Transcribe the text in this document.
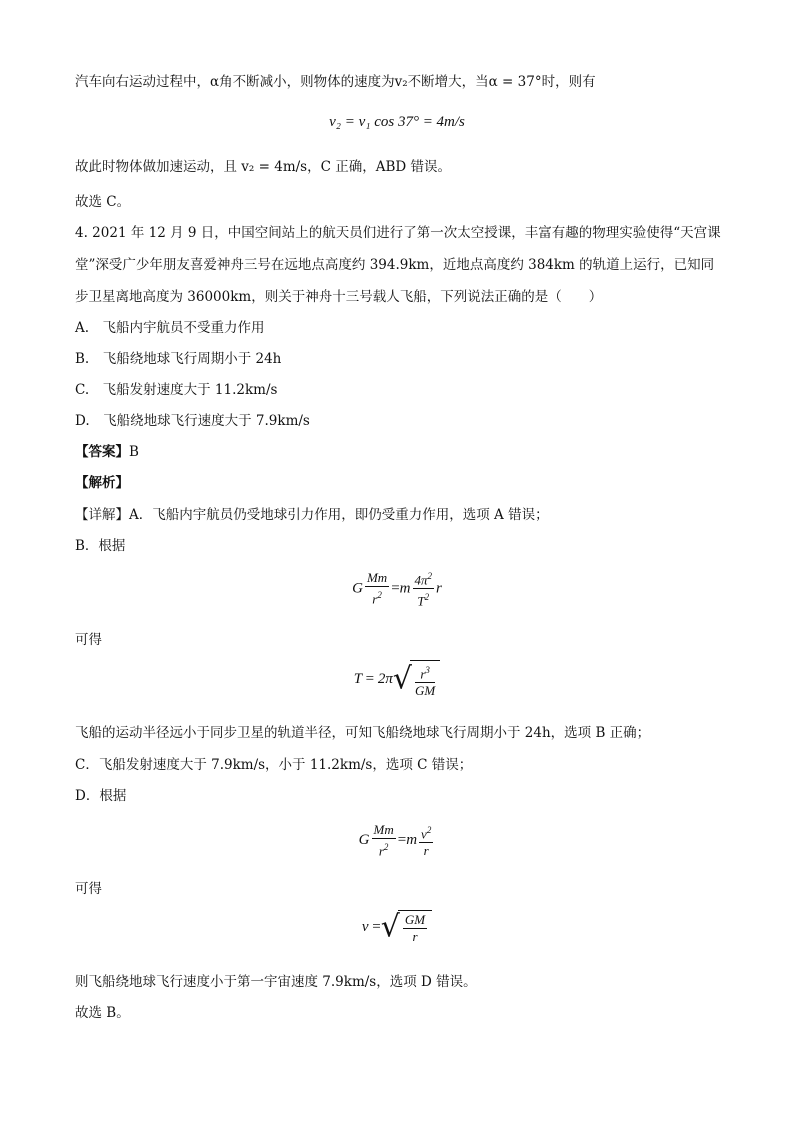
汽车向右运动过程中，α角不断减小，则物体的速度为v₂不断增大，当α = 37°时，则有
v₂ = v₁ cos 37° = 4m/s
故此时物体做加速运动，且 v₂ = 4m/s，C 正确，ABD 错误。
故选 C。
4. 2021 年 12 月 9 日，中国空间站上的航天员们进行了第一次太空授课，丰富有趣的物理实验使得“天宫课
堂”深受广少年朋友喜爱神舟三号在远地点高度约 394.9km，近地点高度约 384km 的轨道上运行，已知同
步卫星离地高度为 36000km，则关于神舟十三号载人飞船，下列说法正确的是（　　）
A.　飞船内宇航员不受重力作用
B.　飞船绕地球飞行周期小于 24h
C.　飞船发射速度大于 11.2km/s
D.　飞船绕地球飞行速度大于 7.9km/s
【答案】B
【解析】
【详解】A．飞船内宇航员仍受地球引力作用，即仍受重力作用，选项 A 错误；
B．根据
G $\frac{Mm}{r^2} =m \frac{4\pi^2}{T^2}$ r
可得
$T = 2\pi√ \frac{r^3}{GM}$
飞船的运动半径远小于同步卫星的轨道半径，可知飞船绕地球飞行周期小于 24h，选项 B 正确；
C．飞船发射速度大于 7.9km/s，小于 11.2km/s，选项 C 错误；
D．根据
G $\frac{Mm}{r^2} =m \frac{v^2}{r}$
可得
v =√ $\frac{GM}{r}$
则飞船绕地球飞行速度小于第一宇宙速度 7.9km/s，选项 D 错误。
故选 B。
